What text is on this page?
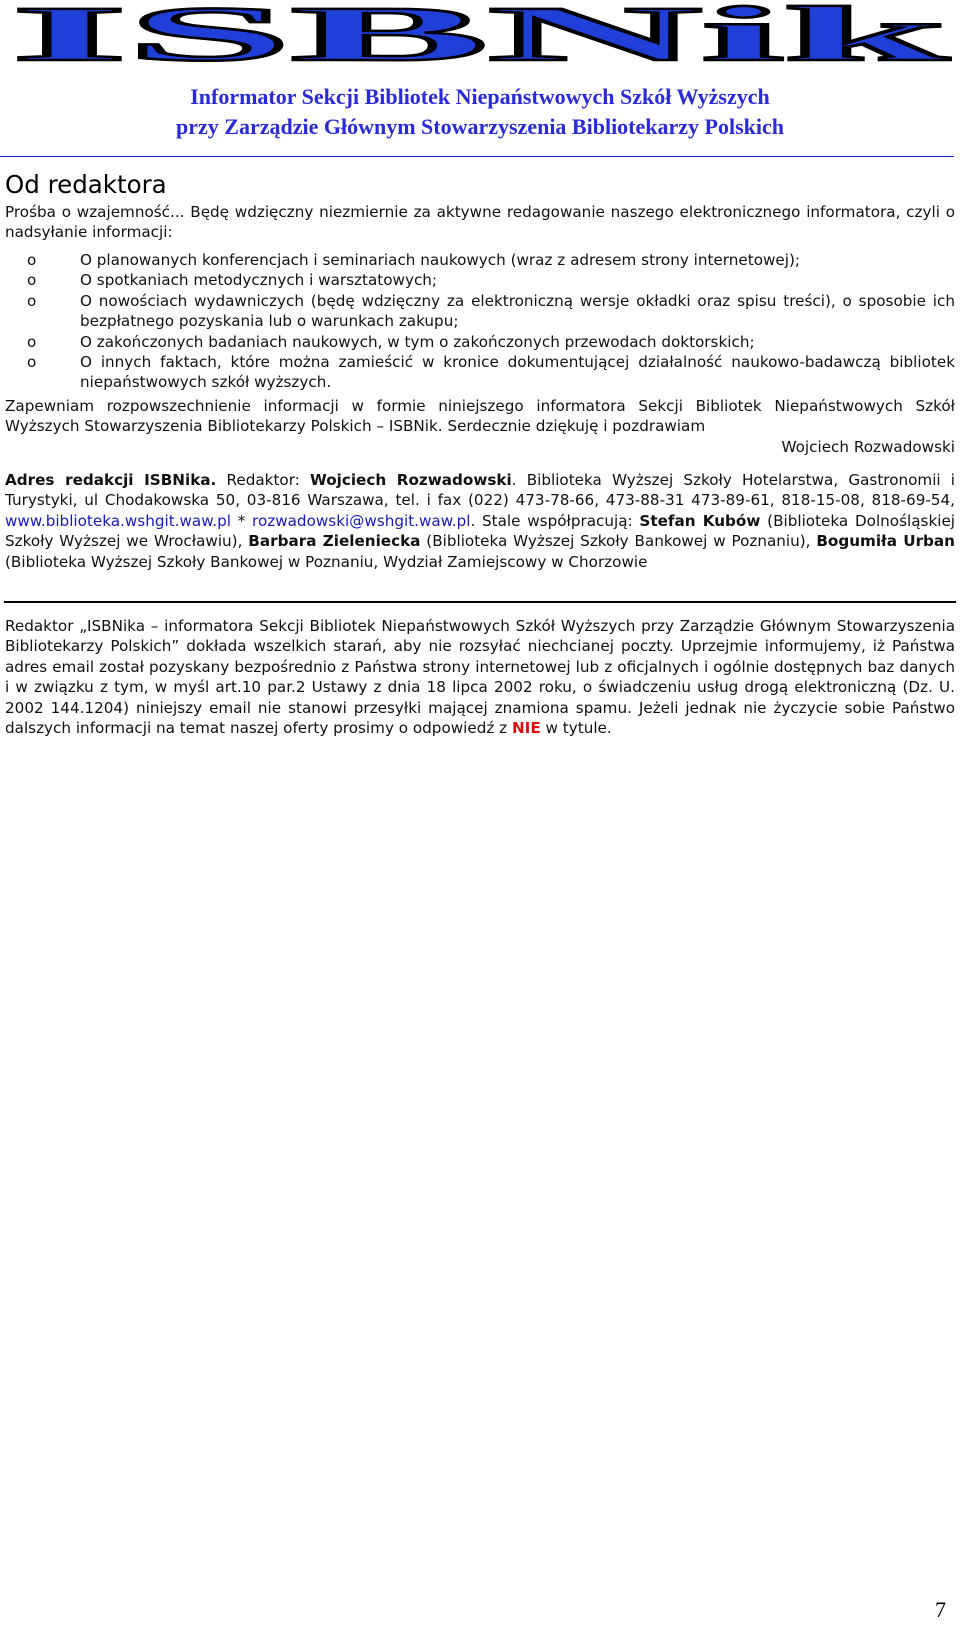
ISBNik
Informator Sekcji Bibliotek Niepaństwowych Szkół Wyższych
przy Zarządzie Głównym Stowarzyszenia Bibliotekarzy Polskich
Od redaktora
Prośba o wzajemność... Będę wdzięczny niezmiernie za aktywne redagowanie naszego elektronicznego informatora, czyli o nadsyłanie informacji:
o	O planowanych konferencjach i seminariach naukowych (wraz z adresem strony internetowej);
o	O spotkaniach metodycznych i warsztatowych;
o	O nowościach wydawniczych (będę wdzięczny za elektroniczną wersje okładki oraz spisu treści), o sposobie ich bezpłatnego pozyskania lub o warunkach zakupu;
o	O zakończonych badaniach naukowych, w tym o zakończonych przewodach doktorskich;
o	O innych faktach, które można zamieścić w kronice dokumentującej działalność naukowo-badawczą bibliotek niepaństwowych szkół wyższych.
Zapewniam rozpowszechnienie informacji w formie niniejszego informatora Sekcji Bibliotek Niepaństwowych Szkół Wyższych Stowarzyszenia Bibliotekarzy Polskich – ISBNik. Serdecznie dziękuję i pozdrawiam
Wojciech Rozwadowski
Adres redakcji ISBNika. Redaktor: Wojciech Rozwadowski. Biblioteka Wyższej Szkoły Hotelarstwa, Gastronomii i Turystyki, ul Chodakowska 50, 03-816 Warszawa, tel. i fax (022) 473-78-66, 473-88-31 473-89-61, 818-15-08, 818-69-54, www.biblioteka.wshgit.waw.pl * rozwadowski@wshgit.waw.pl. Stale współpracują: Stefan Kubów (Biblioteka Dolnośląskiej Szkoły Wyższej we Wrocławiu), Barbara Zieleniecka (Biblioteka Wyższej Szkoły Bankowej w Poznaniu), Bogumiła Urban (Biblioteka Wyższej Szkoły Bankowej w Poznaniu, Wydział Zamiejscowy w Chorzowie
Redaktor „ISBNika – informatora Sekcji Bibliotek Niepaństwowych Szkół Wyższych przy Zarządzie Głównym Stowarzyszenia Bibliotekarzy Polskich” dokłada wszelkich starań, aby nie rozsyłać niechcianej poczty. Uprzejmie informujemy, iż Państwa adres email został pozyskany bezpośrednio z Państwa strony internetowej lub z oficjalnych i ogólnie dostępnych baz danych i w związku z tym, w myśl art.10 par.2 Ustawy z dnia 18 lipca 2002 roku, o świadczeniu usług drogą elektroniczną (Dz. U. 2002 144.1204) niniejszy email nie stanowi przesyłki mającej znamiona spamu. Jeżeli jednak nie życzycie sobie Państwo dalszych informacji na temat naszej oferty prosimy o odpowiedź z NIE w tytule.
7
